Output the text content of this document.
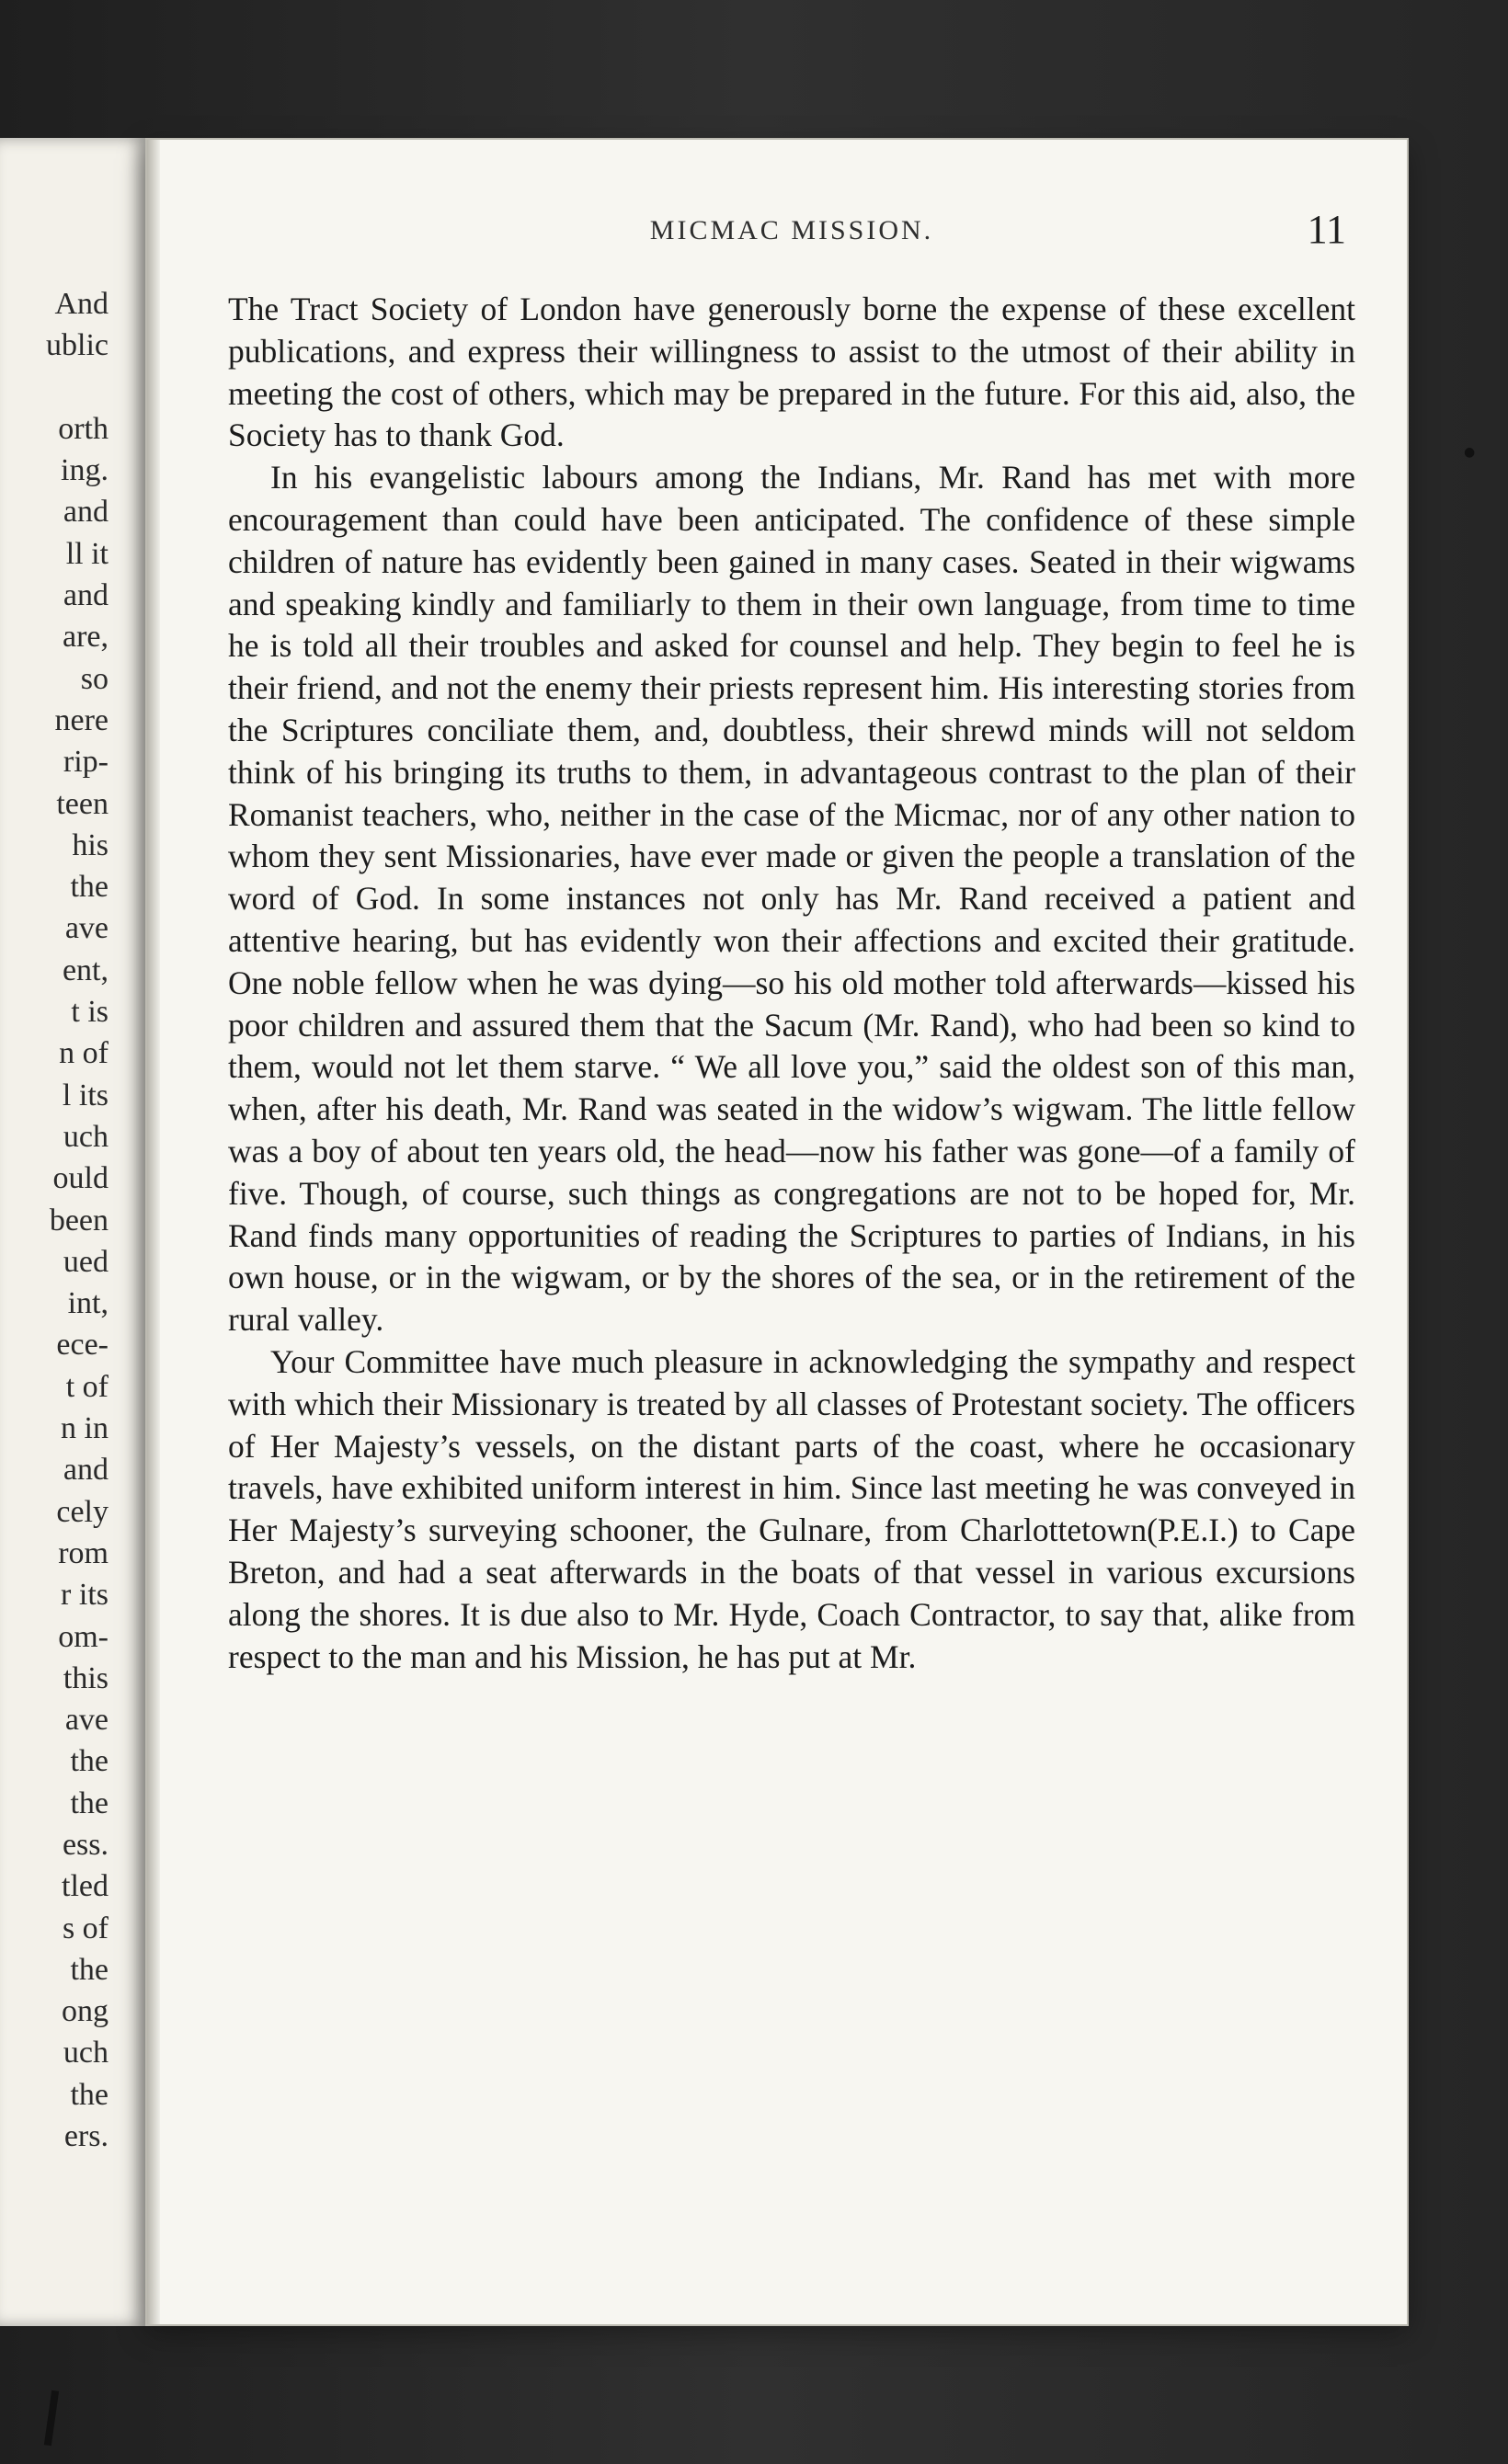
And
ublic
orth
ing.
and
ll it
and
are,
so
nere
rip-
teen
his
the
ave
ent,
t is
n of
l its
uch
ould
been
ued
int,
ece-
t of
n in
and
cely
rom
r its
om-
this
ave
the
the
ess.
tled
s of
the
ong
uch
the
ers.
MICMAC MISSION.	11

The Tract Society of London have generously borne the expense of these excellent publications, and express their willingness to assist to the utmost of their ability in meeting the cost of others, which may be prepared in the future. For this aid, also, the Society has to thank God.

In his evangelistic labours among the Indians, Mr. Rand has met with more encouragement than could have been anticipated. The confidence of these simple children of nature has evidently been gained in many cases. Seated in their wigwams and speaking kindly and familiarly to them in their own language, from time to time he is told all their troubles and asked for counsel and help. They begin to feel he is their friend, and not the enemy their priests represent him. His interesting stories from the Scriptures conciliate them, and, doubtless, their shrewd minds will not seldom think of his bringing its truths to them, in advantageous contrast to the plan of their Romanist teachers, who, neither in the case of the Micmac, nor of any other nation to whom they sent Missionaries, have ever made or given the people a translation of the word of God. In some instances not only has Mr. Rand received a patient and attentive hearing, but has evidently won their affections and excited their gratitude. One noble fellow when he was dying—so his old mother told afterwards—kissed his poor children and assured them that the Sacum (Mr. Rand), who had been so kind to them, would not let them starve. “ We all love you,” said the oldest son of this man, when, after his death, Mr. Rand was seated in the widow’s wigwam. The little fellow was a boy of about ten years old, the head—now his father was gone—of a family of five. Though, of course, such things as congregations are not to be hoped for, Mr. Rand finds many opportunities of reading the Scriptures to parties of Indians, in his own house, or in the wigwam, or by the shores of the sea, or in the retirement of the rural valley.

Your Committee have much pleasure in acknowledging the sympathy and respect with which their Missionary is treated by all classes of Protestant society. The officers of Her Majesty’s vessels, on the distant parts of the coast, where he occasionary travels, have exhibited uniform interest in him. Since last meeting he was conveyed in Her Majesty’s surveying schooner, the Gulnare, from Charlottetown(P.E.I.) to Cape Breton, and had a seat afterwards in the boats of that vessel in various excursions along the shores. It is due also to Mr. Hyde, Coach Contractor, to say that, alike from respect to the man and his Mission, he has put at Mr.

●
